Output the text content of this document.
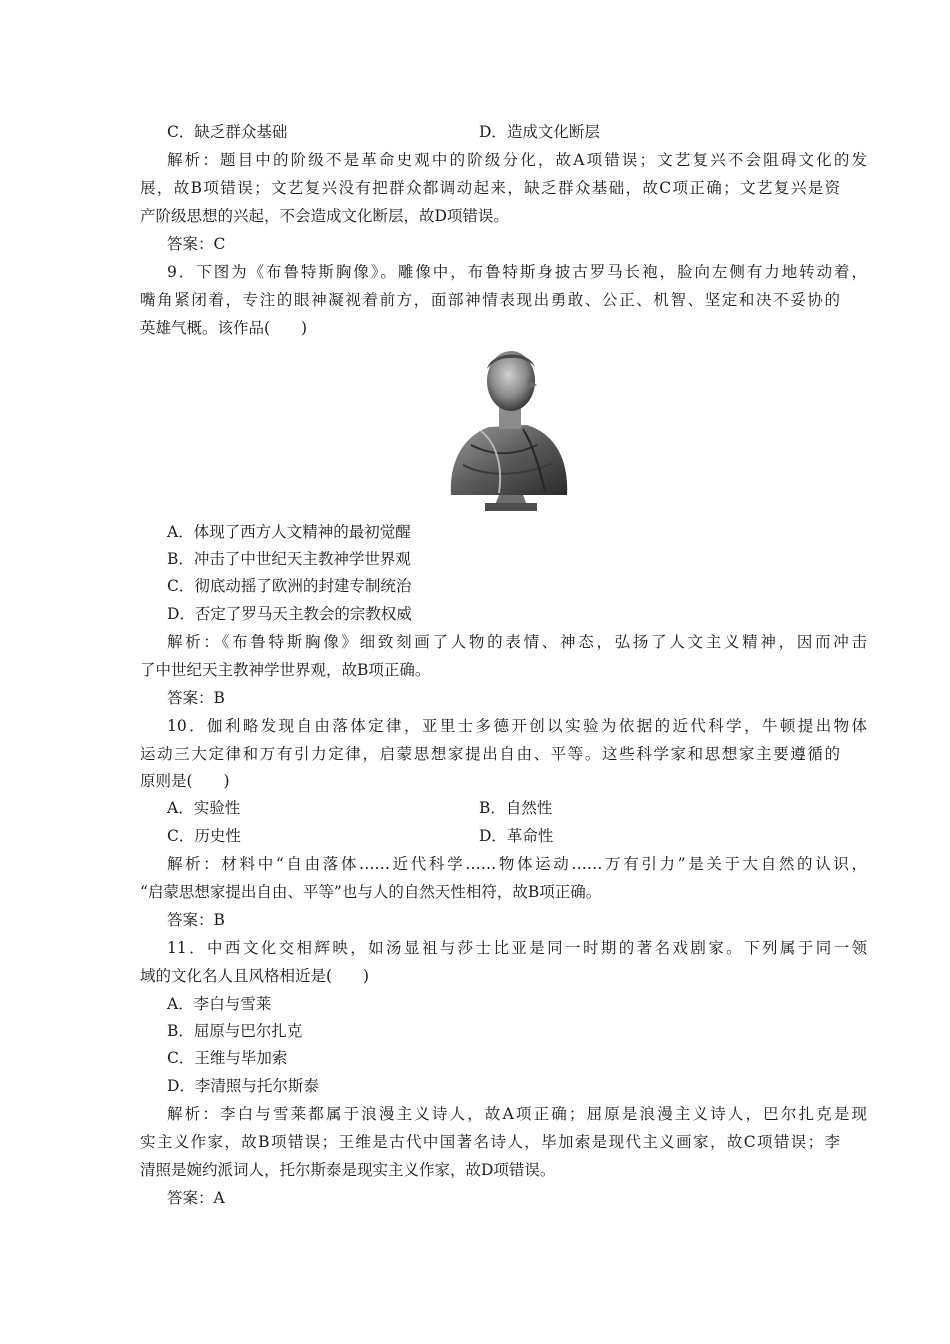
C．缺乏群众基础	D．造成文化断层
解析：题目中的阶级不是革命史观中的阶级分化，故A项错误；文艺复兴不会阻碍文化的发
展，故B项错误；文艺复兴没有把群众都调动起来，缺乏群众基础，故C项正确；文艺复兴是资
产阶级思想的兴起，不会造成文化断层，故D项错误。
答案：C
9．下图为《布鲁特斯胸像》。雕像中，布鲁特斯身披古罗马长袍，脸向左侧有力地转动着，
嘴角紧闭着，专注的眼神凝视着前方，面部神情表现出勇敢、公正、机智、坚定和决不妥协的
英雄气概。该作品(　　)
A．体现了西方人文精神的最初觉醒
B．冲击了中世纪天主教神学世界观
C．彻底动摇了欧洲的封建专制统治
D．否定了罗马天主教会的宗教权威
解析：《布鲁特斯胸像》细致刻画了人物的表情、神态，弘扬了人文主义精神，因而冲击
了中世纪天主教神学世界观，故B项正确。
答案：B
10．伽利略发现自由落体定律，亚里士多德开创以实验为依据的近代科学，牛顿提出物体
运动三大定律和万有引力定律，启蒙思想家提出自由、平等。这些科学家和思想家主要遵循的
原则是(　　)
A．实验性	B．自然性
C．历史性	D．革命性
解析：材料中“自由落体……近代科学……物体运动……万有引力”是关于大自然的认识，
“启蒙思想家提出自由、平等”也与人的自然天性相符，故B项正确。
答案：B
11．中西文化交相辉映，如汤显祖与莎士比亚是同一时期的著名戏剧家。下列属于同一领
域的文化名人且风格相近是(　　)
A．李白与雪莱
B．屈原与巴尔扎克
C．王维与毕加索
D．李清照与托尔斯泰
解析：李白与雪莱都属于浪漫主义诗人，故A项正确；屈原是浪漫主义诗人，巴尔扎克是现
实主义作家，故B项错误；王维是古代中国著名诗人，毕加索是现代主义画家，故C项错误；李
清照是婉约派词人，托尔斯泰是现实主义作家，故D项错误。
答案：A
